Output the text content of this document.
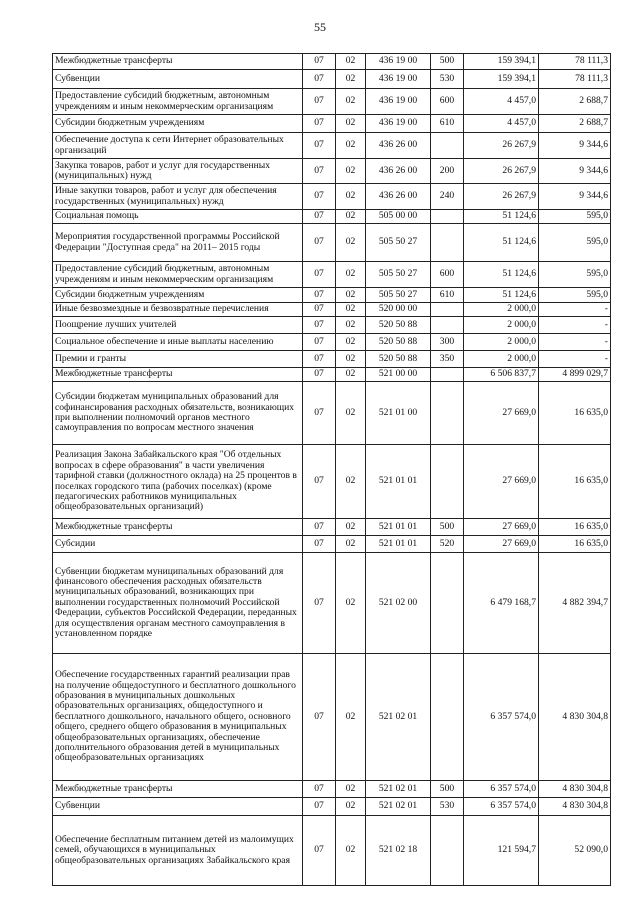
55
Межбюджетные трансферты	07	02	436 19 00	500	159 394,1	78 111,3
Субвенции	07	02	436 19 00	530	159 394,1	78 111,3
Предоставление субсидий бюджетным, автономным учреждениям и иным некоммерческим организациям	07	02	436 19 00	600	4 457,0	2 688,7
Субсидии бюджетным учреждениям	07	02	436 19 00	610	4 457,0	2 688,7
Обеспечение доступа к сети Интернет образовательных организаций	07	02	436 26 00		26 267,9	9 344,6
Закупка товаров, работ и услуг для государственных (муниципальных) нужд	07	02	436 26 00	200	26 267,9	9 344,6
Иные закупки товаров, работ и услуг для обеспечения государственных (муниципальных) нужд	07	02	436 26 00	240	26 267,9	9 344,6
Социальная помощь	07	02	505 00 00		51 124,6	595,0
Мероприятия государственной программы Российской Федерации "Доступная среда" на 2011– 2015 годы	07	02	505 50 27		51 124,6	595,0
Предоставление субсидий бюджетным, автономным учреждениям и иным некоммерческим организациям	07	02	505 50 27	600	51 124,6	595,0
Субсидии бюджетным учреждениям	07	02	505 50 27	610	51 124,6	595,0
Иные безвозмездные и безвозвратные перечисления	07	02	520 00 00		2 000,0	-
Поощрение лучших учителей	07	02	520 50 88		2 000,0	-
Социальное обеспечение и иные выплаты населению	07	02	520 50 88	300	2 000,0	-
Премии и гранты	07	02	520 50 88	350	2 000,0	-
Межбюджетные трансферты	07	02	521 00 00		6 506 837,7	4 899 029,7
Субсидии бюджетам муниципальных образований для софинансирования расходных обязательств, возникающих при выполнении полномочий органов местного самоуправления по вопросам местного значения	07	02	521 01 00		27 669,0	16 635,0
Реализация Закона Забайкальского края "Об отдельных вопросах в сфере образования" в части увеличения тарифной ставки (должностного оклада) на 25 процентов в поселках городского типа (рабочих поселках) (кроме педагогических работников муниципальных общеобразовательных организаций)	07	02	521 01 01		27 669,0	16 635,0
Межбюджетные трансферты	07	02	521 01 01	500	27 669,0	16 635,0
Субсидии	07	02	521 01 01	520	27 669,0	16 635,0
Субвенции бюджетам муниципальных образований для финансового обеспечения расходных обязательств муниципальных образований, возникающих при выполнении государственных полномочий Российской Федерации, субъектов Российской Федерации, переданных для осуществления органам местного самоуправления в установленном порядке	07	02	521 02 00		6 479 168,7	4 882 394,7
Обеспечение государственных гарантий реализации прав на получение общедоступного и бесплатного дошкольного образования в муниципальных дошкольных образовательных организациях, общедоступного и бесплатного дошкольного, начального общего, основного общего, среднего общего образования в муниципальных общеобразовательных организациях, обеспечение дополнительного образования детей в муниципальных общеобразовательных организациях	07	02	521 02 01		6 357 574,0	4 830 304,8
Межбюджетные трансферты	07	02	521 02 01	500	6 357 574,0	4 830 304,8
Субвенции	07	02	521 02 01	530	6 357 574,0	4 830 304,8
Обеспечение бесплатным питанием детей из малоимущих семей, обучающихся в муниципальных общеобразовательных организациях Забайкальского края	07	02	521 02 18		121 594,7	52 090,0
